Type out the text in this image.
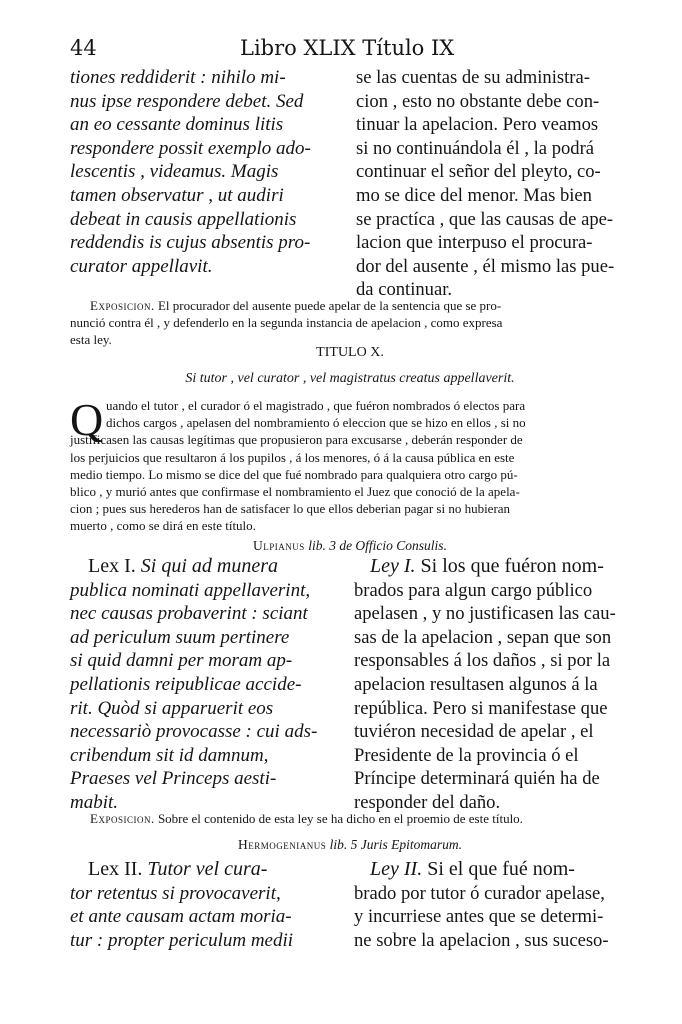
44	Libro XLIX Título IX
tiones reddiderit : nihilo mi-
nus ipse respondere debet. Sed
an eo cessante dominus litis
respondere possit exemplo ado-
lescentis , videamus. Magis
tamen observatur , ut audiri
debeat in causis appellationis
reddendis is cujus absentis pro-
curator appellavit.
se las cuentas de su administra-
cion , esto no obstante debe con-
tinuar la apelacion. Pero veamos
si no continuándola él , la podrá
continuar el señor del pleyto, co-
mo se dice del menor. Mas bien
se practíca , que las causas de ape-
lacion que interpuso el procura-
dor del ausente , él mismo las pue-
da continuar.
Exposicion. El procurador del ausente puede apelar de la sentencia que se pro-
nunció contra él , y defenderlo en la segunda instancia de apelacion , como expresa
esta ley.
TITULO X.
Si tutor , vel curator , vel magistratus creatus appellaverit.
Q uando el tutor , el curador ó el magistrado , que fuéron nombrados ó electos para
dichos cargos , apelasen del nombramiento ó eleccion que se hizo en ellos , si no
justificasen las causas legítimas que propusieron para excusarse , deberán responder de
los perjuicios que resultaron á los pupilos , á los menores, ó á la causa pública en este
medio tiempo. Lo mismo se dice del que fué nombrado para qualquiera otro cargo pú-
blico , y murió antes que confirmase el nombramiento el Juez que conoció de la apela-
cion ; pues sus herederos han de satisfacer lo que ellos deberian pagar si no hubieran
muerto , como se dirá en este título.
Ulpianus lib. 3 de Officio Consulis.
Lex I. Si qui ad munera
publica nominati appellaverint,
nec causas probaverint : sciant
ad periculum suum pertinere
si quid damni per moram ap-
pellationis reipublicae accide-
rit. Quòd si apparuerit eos
necessariò provocasse : cui ads-
cribendum sit id damnum,
Praeses vel Princeps aesti-
mabit.
Ley I. Si los que fuéron nom-
brados para algun cargo público
apelasen , y no justificasen las cau-
sas de la apelacion , sepan que son
responsables á los daños , si por la
apelacion resultasen algunos á la
república. Pero si manifestase que
tuviéron necesidad de apelar , el
Presidente de la provincia ó el
Príncipe determinará quién ha de
responder del daño.
Exposicion. Sobre el contenido de esta ley se ha dicho en el proemio de este título.
Hermogenianus lib. 5 Juris Epitomarum.
Lex II. Tutor vel cura-
tor retentus si provocaverit,
et ante causam actam moria-
tur : propter periculum medii
Ley II. Si el que fué nom-
brado por tutor ó curador apelase,
y incurriese antes que se determi-
ne sobre la apelacion , sus suceso-
